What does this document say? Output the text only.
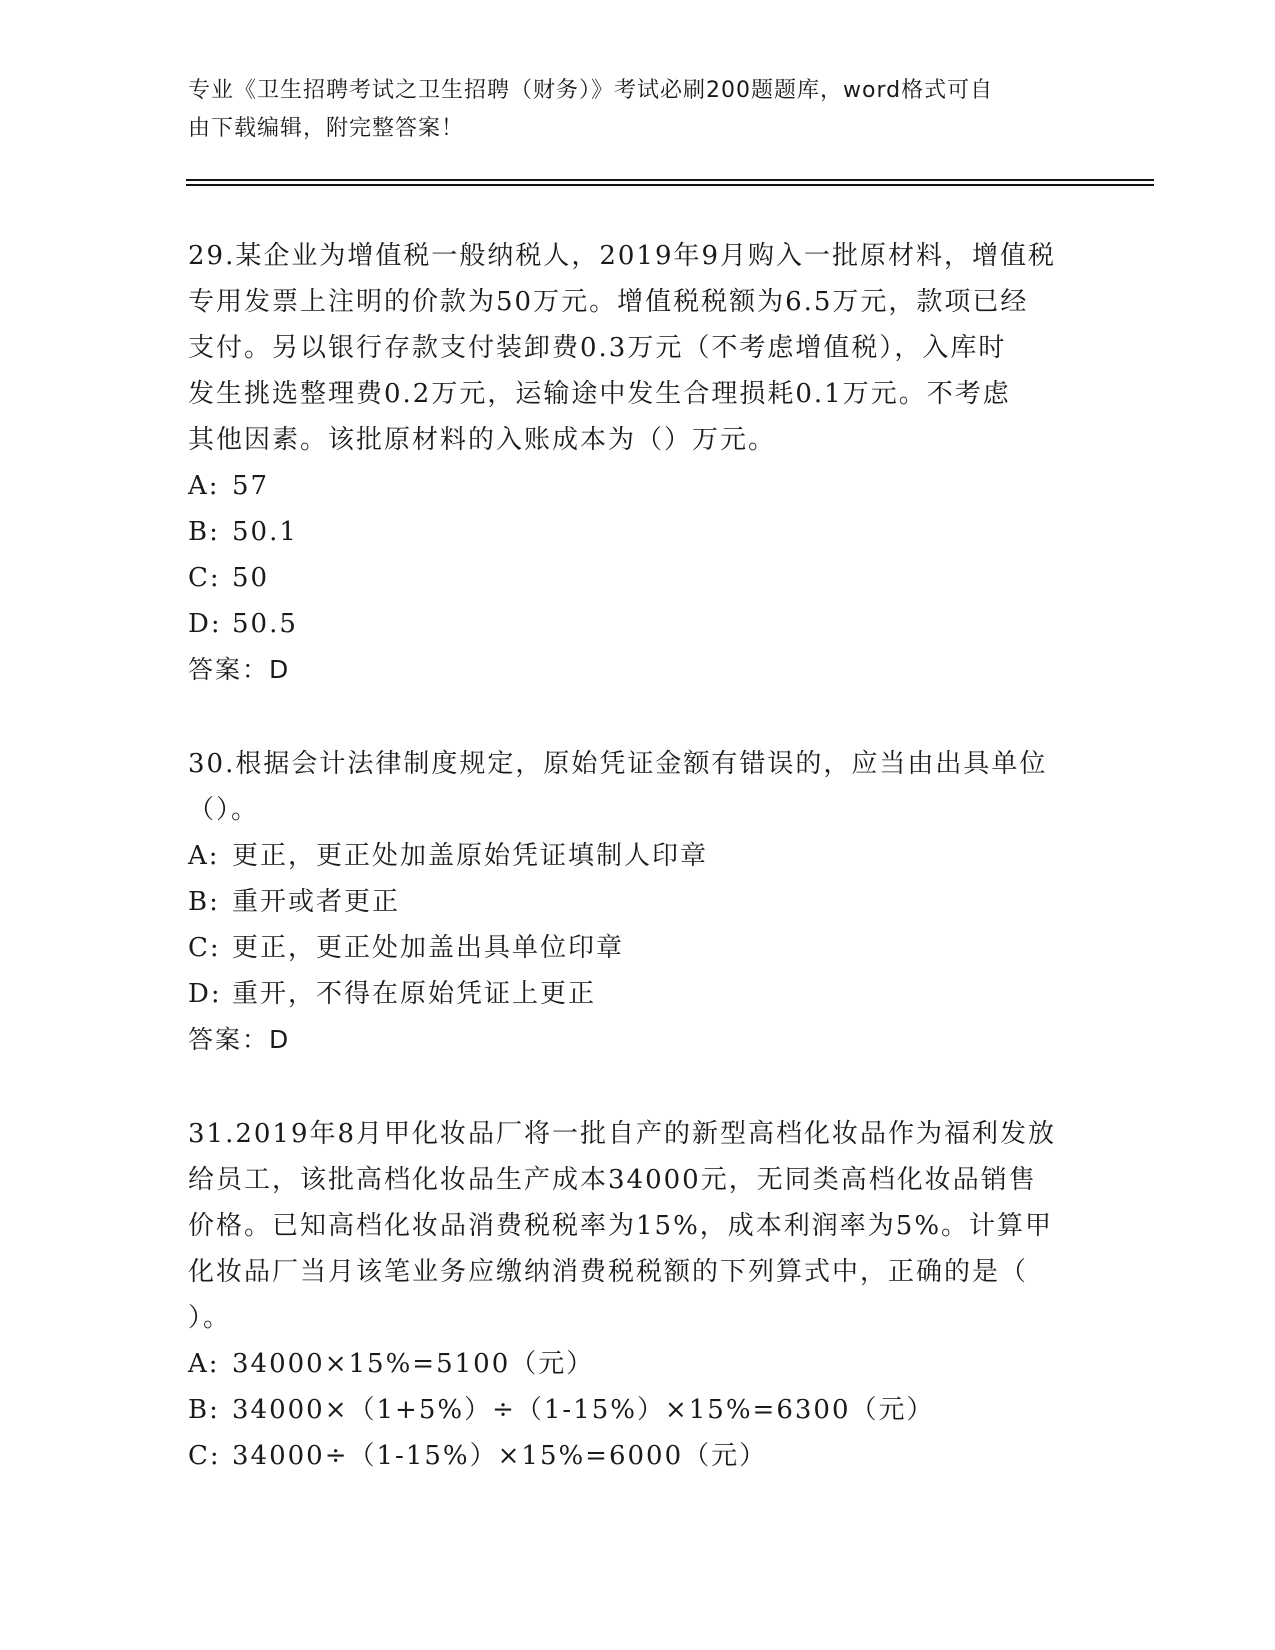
专业《卫生招聘考试之卫生招聘（财务）》考试必刷200题题库，word格式可自
由下载编辑，附完整答案！
29.某企业为增值税一般纳税人，2019年9月购入一批原材料，增值税
专用发票上注明的价款为50万元。增值税税额为6.5万元，款项已经
支付。另以银行存款支付装卸费0.3万元（不考虑增值税），入库时
发生挑选整理费0.2万元，运输途中发生合理损耗0.1万元。不考虑
其他因素。该批原材料的入账成本为（）万元。
A: 57
B: 50.1
C: 50
D: 50.5
答案：D
30.根据会计法律制度规定，原始凭证金额有错误的，应当由出具单位
（）。
A: 更正，更正处加盖原始凭证填制人印章
B: 重开或者更正
C: 更正，更正处加盖出具单位印章
D: 重开，不得在原始凭证上更正
答案：D
31.2019年8月甲化妆品厂将一批自产的新型高档化妆品作为福利发放
给员工，该批高档化妆品生产成本34000元，无同类高档化妆品销售
价格。已知高档化妆品消费税税率为15%，成本利润率为5%。计算甲
化妆品厂当月该笔业务应缴纳消费税税额的下列算式中，正确的是（
）。
A: 34000×15%=5100（元）
B: 34000×（1+5%）÷（1-15%）×15%=6300（元）
C: 34000÷（1-15%）×15%=6000（元）
